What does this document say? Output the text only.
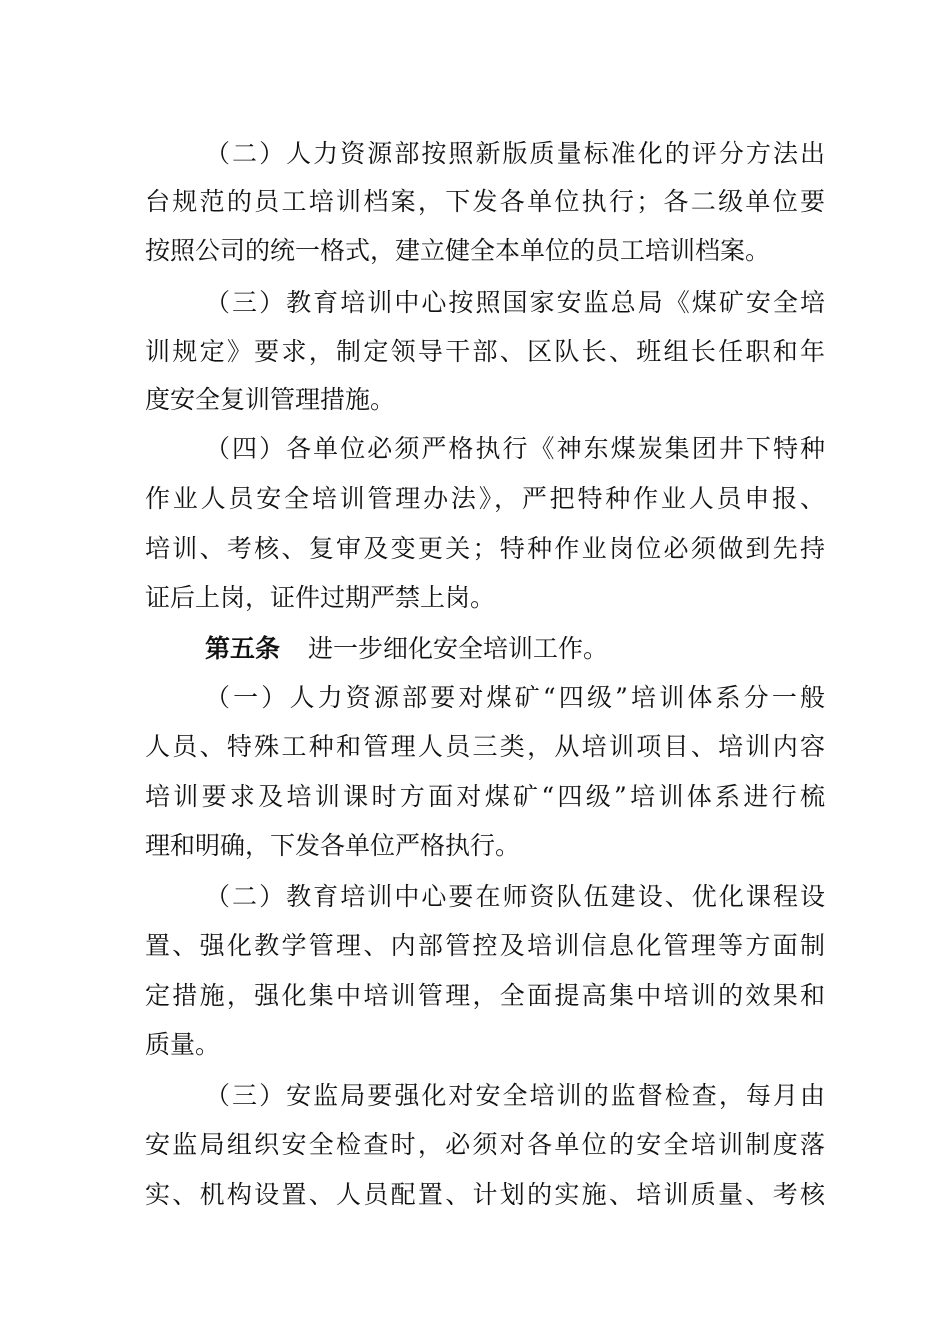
（二）人力资源部按照新版质量标准化的评分方法出
台规范的员工培训档案，下发各单位执行；各二级单位要
按照公司的统一格式，建立健全本单位的员工培训档案。
（三）教育培训中心按照国家安监总局《煤矿安全培
训规定》要求，制定领导干部、区队长、班组长任职和年
度安全复训管理措施。
（四）各单位必须严格执行《神东煤炭集团井下特种
作业人员安全培训管理办法》，严把特种作业人员申报、
培训、考核、复审及变更关；特种作业岗位必须做到先持
证后上岗，证件过期严禁上岗。
第五条 进一步细化安全培训工作。
（一）人力资源部要对煤矿“四级”培训体系分一般
人员、特殊工种和管理人员三类，从培训项目、培训内容
培训要求及培训课时方面对煤矿“四级”培训体系进行梳
理和明确，下发各单位严格执行。
（二）教育培训中心要在师资队伍建设、优化课程设
置、强化教学管理、内部管控及培训信息化管理等方面制
定措施，强化集中培训管理，全面提高集中培训的效果和
质量。
（三）安监局要强化对安全培训的监督检查，每月由
安监局组织安全检查时，必须对各单位的安全培训制度落
实、机构设置、人员配置、计划的实施、培训质量、考核
